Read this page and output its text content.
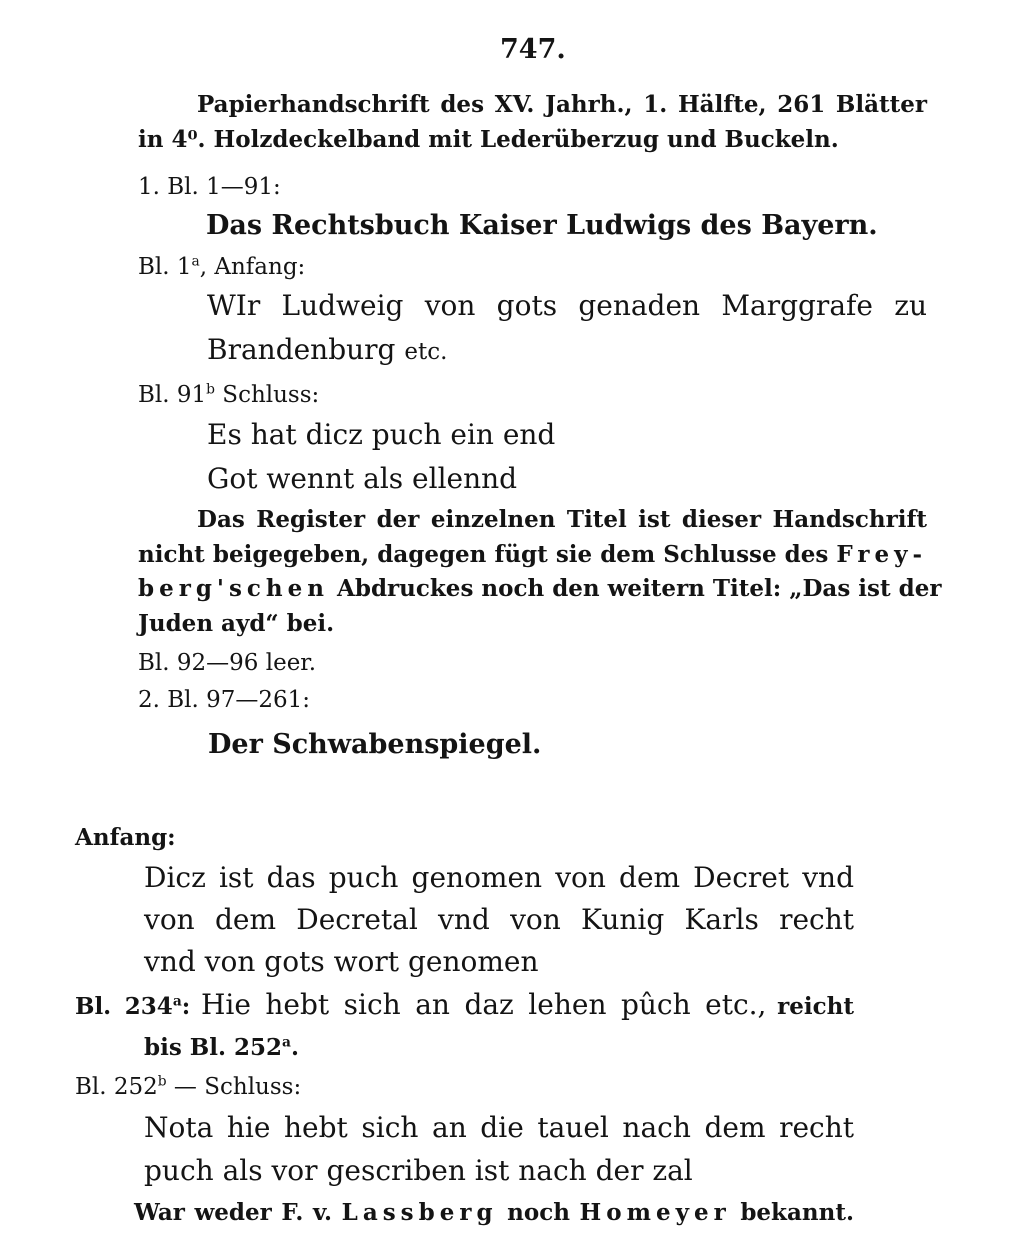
747.
Papierhandschrift des XV. Jahrh., 1. Hälfte, 261 Blätter
in 4⁰. Holzdeckelband mit Lederüberzug und Buckeln.
1. Bl. 1—91:
Das Rechtsbuch Kaiser Ludwigs des Bayern.
Bl. 1$^a$, Anfang:
WIr Ludweig von gots genaden Marggrafe zu
Brandenburg etc.
Bl. 91$^b$ Schluss:
Es hat dicz puch ein end
Got wennt als ellennd
Das Register der einzelnen Titel ist dieser Handschrift
nicht beigegeben, dagegen fügt sie dem Schlusse des Frey-
berg'schen Abdruckes noch den weitern Titel: „Das ist der
Juden ayd“ bei.
Bl. 92—96 leer.
2. Bl. 97—261:
Der Schwabenspiegel.
Anfang:
Dicz ist das puch genomen von dem Decret vnd
von dem Decretal vnd von Kunig Karls recht
vnd von gots wort genomen
Bl. 234$^a$: Hie hebt sich an daz lehen pûch etc., reicht
bis Bl. 252$^a$.
Bl. 252$^b$ — Schluss:
Nota hie hebt sich an die tauel nach dem recht
puch als vor gescriben ist nach der zal
War weder F. v. Lassberg noch Homeyer bekannt.
